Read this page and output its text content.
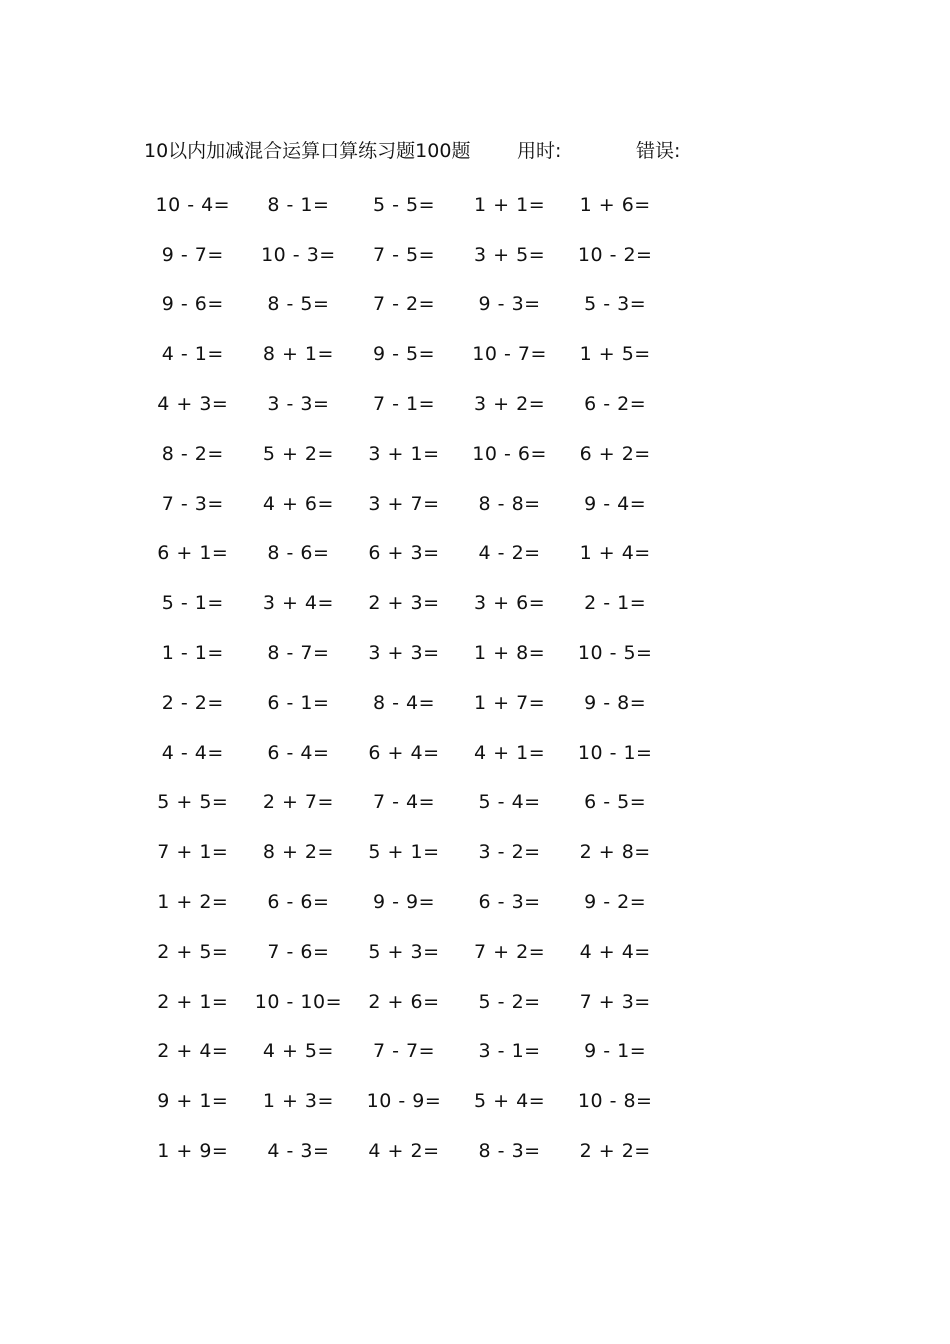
10以内加减混合运算口算练习题100题 用时:	错误:
10 - 4=	8 - 1=	5 - 5=	1 + 1=	1 + 6=
9 - 7=	10 - 3=	7 - 5=	3 + 5=	10 - 2=
9 - 6=	8 - 5=	7 - 2=	9 - 3=	5 - 3=
4 - 1=	8 + 1=	9 - 5=	10 - 7=	1 + 5=
4 + 3=	3 - 3=	7 - 1=	3 + 2=	6 - 2=
8 - 2=	5 + 2=	3 + 1=	10 - 6=	6 + 2=
7 - 3=	4 + 6=	3 + 7=	8 - 8=	9 - 4=
6 + 1=	8 - 6=	6 + 3=	4 - 2=	1 + 4=
5 - 1=	3 + 4=	2 + 3=	3 + 6=	2 - 1=
1 - 1=	8 - 7=	3 + 3=	1 + 8=	10 - 5=
2 - 2=	6 - 1=	8 - 4=	1 + 7=	9 - 8=
4 - 4=	6 - 4=	6 + 4=	4 + 1=	10 - 1=
5 + 5=	2 + 7=	7 - 4=	5 - 4=	6 - 5=
7 + 1=	8 + 2=	5 + 1=	3 - 2=	2 + 8=
1 + 2=	6 - 6=	9 - 9=	6 - 3=	9 - 2=
2 + 5=	7 - 6=	5 + 3=	7 + 2=	4 + 4=
2 + 1=	10 - 10=	2 + 6=	5 - 2=	7 + 3=
2 + 4=	4 + 5=	7 - 7=	3 - 1=	9 - 1=
9 + 1=	1 + 3=	10 - 9=	5 + 4=	10 - 8=
1 + 9=	4 - 3=	4 + 2=	8 - 3=	2 + 2=
